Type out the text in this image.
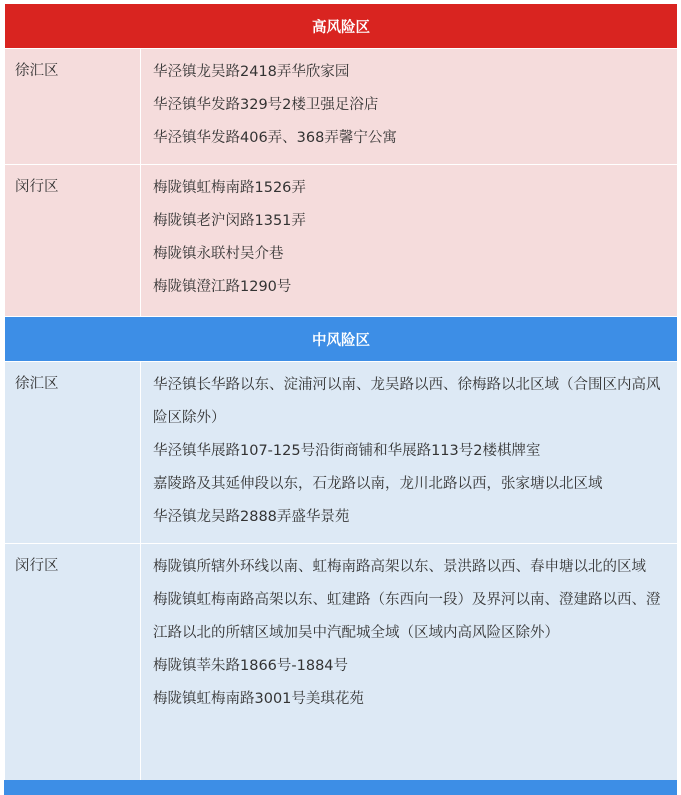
高风险区	
徐汇区	华泾镇龙吴路2418弄华欣家园
华泾镇华发路329号2楼卫强足浴店
华泾镇华发路406弄、368弄馨宁公寓

闵行区	梅陇镇虹梅南路1526弄
梅陇镇老沪闵路1351弄
梅陇镇永联村吴介巷
梅陇镇澄江路1290号

中风险区	
徐汇区	华泾镇长华路以东、淀浦河以南、龙吴路以西、徐梅路以北区域（合围区内高风险区除外）
华泾镇华展路107-125号沿街商铺和华展路113号2楼棋牌室
嘉陵路及其延伸段以东，石龙路以南，龙川北路以西，张家塘以北区域
华泾镇龙吴路2888弄盛华景苑

闵行区	梅陇镇所辖外环线以南、虹梅南路高架以东、景洪路以西、春申塘以北的区域
梅陇镇虹梅南路高架以东、虹建路（东西向一段）及界河以南、澄建路以西、澄江路以北的所辖区域加吴中汽配城全域（区域内高风险区除外）
梅陇镇莘朱路1866号-1884号
梅陇镇虹梅南路3001号美琪花苑
